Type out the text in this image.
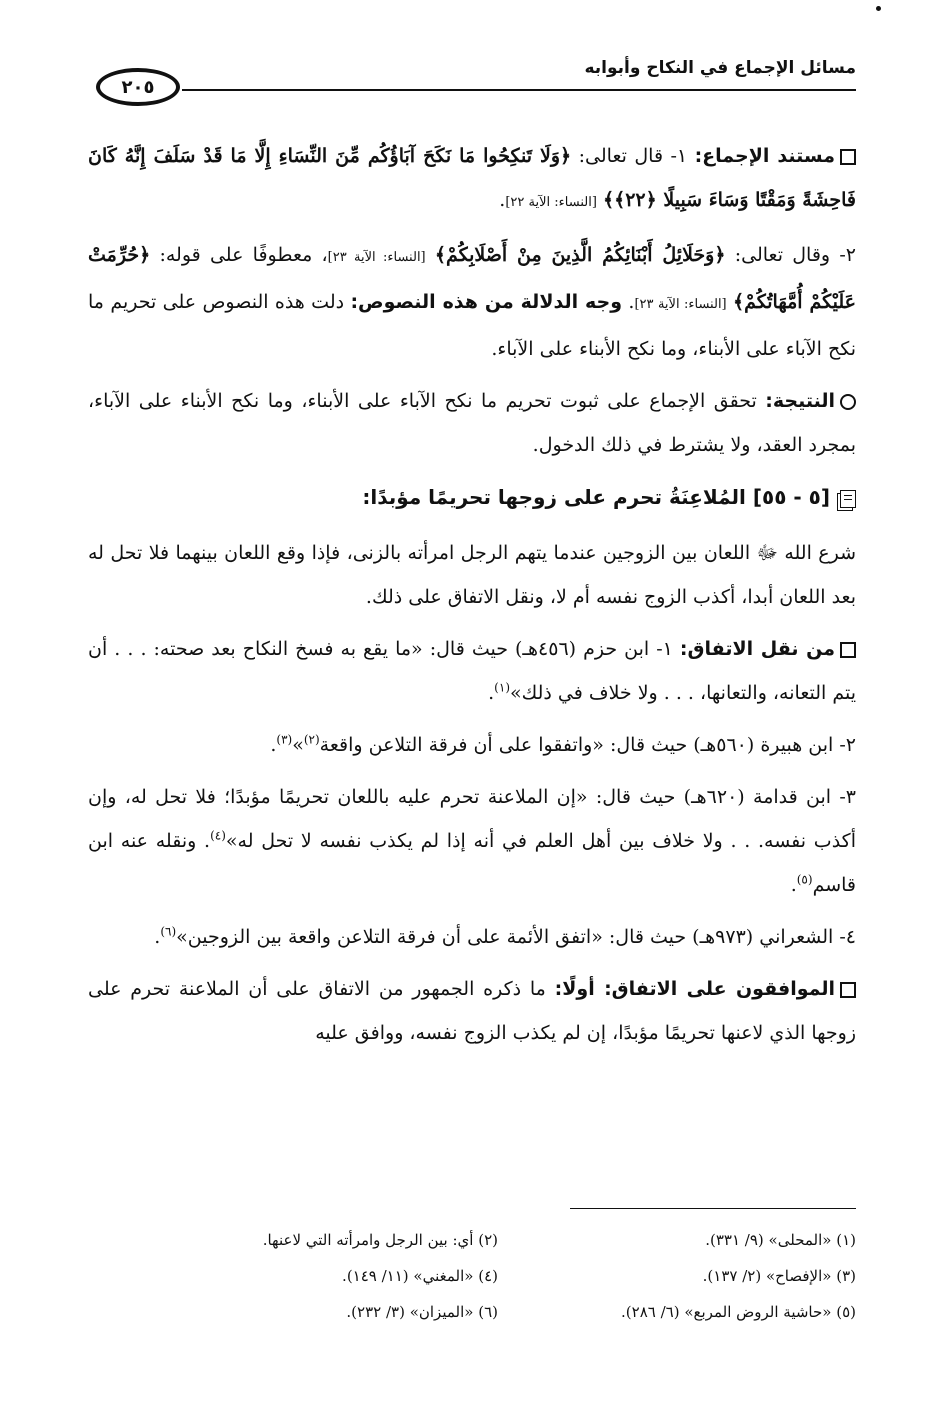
مسائل الإجماع في النكاح وأبوابه
٢٠٥

مستند الإجماع: ١- قال تعالى: ﴿وَلَا تَنكِحُوا مَا نَكَحَ آبَاؤُكُم مِّنَ النِّسَاءِ إِلَّا مَا قَدْ سَلَفَ إِنَّهُ كَانَ فَاحِشَةً وَمَقْتًا وَسَاءَ سَبِيلًا ﴿٢٢﴾﴾ [النساء: الآية ٢٢].

٢- وقال تعالى: ﴿وَحَلَائِلُ أَبْنَائِكُمُ الَّذِينَ مِنْ أَصْلَابِكُمْ﴾ [النساء: الآية ٢٣]، معطوفًا على قوله: ﴿حُرِّمَتْ عَلَيْكُمْ أُمَّهَاتُكُمْ﴾ [النساء: الآية ٢٣]. وجه الدلالة من هذه النصوص: دلت هذه النصوص على تحريم ما نكح الآباء على الأبناء، وما نكح الأبناء على الآباء.

النتيجة: تحقق الإجماع على ثبوت تحريم ما نكح الآباء على الأبناء، وما نكح الأبناء على الآباء، بمجرد العقد، ولا يشترط في ذلك الدخول.

[٥ - ٥٥] المُلاعِنَةُ تحرم على زوجها تحريمًا مؤبدًا:

شرع الله ﷻ اللعان بين الزوجين عندما يتهم الرجل امرأته بالزنى، فإذا وقع اللعان بينهما فلا تحل له بعد اللعان أبدا، أكذب الزوج نفسه أم لا، ونقل الاتفاق على ذلك.

من نقل الاتفاق: ١- ابن حزم (٤٥٦هـ) حيث قال: «ما يقع به فسخ النكاح بعد صحته: . . . أن يتم التعانه، والتعانها، . . . ولا خلاف في ذلك»$^{(١)}$.

٢- ابن هبيرة (٥٦٠هـ) حيث قال: «واتفقوا على أن فرقة التلاعن واقعة$^{(٢)}$»$^{(٣)}$.

٣- ابن قدامة (٦٢٠هـ) حيث قال: «إن الملاعنة تحرم عليه باللعان تحريمًا مؤبدًا؛ فلا تحل له، وإن أكذب نفسه. . . ولا خلاف بين أهل العلم في أنه إذا لم يكذب نفسه لا تحل له»$^{(٤)}$. ونقله عنه ابن قاسم$^{(٥)}$.

٤- الشعراني (٩٧٣هـ) حيث قال: «اتفق الأئمة على أن فرقة التلاعن واقعة بين الزوجين»$^{(٦)}$.

الموافقون على الاتفاق: أولًا: ما ذكره الجمهور من الاتفاق على أن الملاعنة تحرم على زوجها الذي لاعنها تحريمًا مؤبدًا، إن لم يكذب الزوج نفسه، ووافق عليه

(١) «المحلى» (٩/ ٣٣١).
(٢) أي: بين الرجل وامرأته التي لاعنها.
(٣) «الإفصاح» (٢/ ١٣٧).
(٤) «المغني» (١١/ ١٤٩).
(٥) «حاشية الروض المربع» (٦/ ٢٨٦).
(٦) «الميزان» (٣/ ٢٣٢).
